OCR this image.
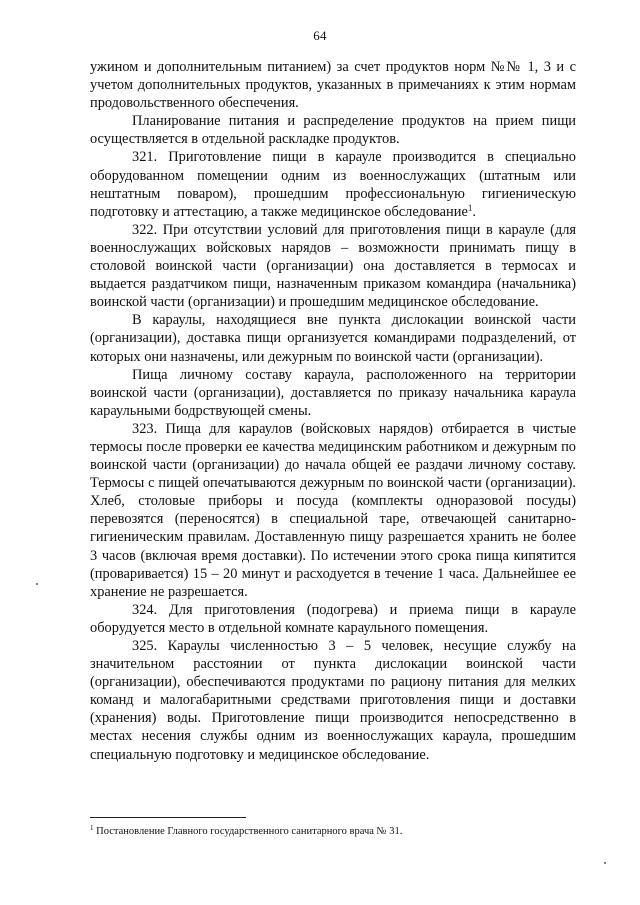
64

ужином и дополнительным питанием) за счет продуктов норм №№ 1, 3 и с учетом дополнительных продуктов, указанных в примечаниях к этим нормам продовольственного обеспечения.

Планирование питания и распределение продуктов на прием пищи осуществляется в отдельной раскладке продуктов.

321. Приготовление пищи в карауле производится в специально оборудованном помещении одним из военнослужащих (штатным или нештатным поваром), прошедшим профессиональную гигиеническую подготовку и аттестацию, а также медицинское обследование$^1$.

322. При отсутствии условий для приготовления пищи в карауле (для военнослужащих войсковых нарядов – возможности принимать пищу в столовой воинской части (организации) она доставляется в термосах и выдается раздатчиком пищи, назначенным приказом командира (начальника) воинской части (организации) и прошедшим медицинское обследование.

В караулы, находящиеся вне пункта дислокации воинской части (организации), доставка пищи организуется командирами подразделений, от которых они назначены, или дежурным по воинской части (организации).

Пища личному составу караула, расположенного на территории воинской части (организации), доставляется по приказу начальника караула караульными бодрствующей смены.

323. Пища для караулов (войсковых нарядов) отбирается в чистые термосы после проверки ее качества медицинским работником и дежурным по воинской части (организации) до начала общей ее раздачи личному составу. Термосы с пищей опечатываются дежурным по воинской части (организации). Хлеб, столовые приборы и посуда (комплекты одноразовой посуды) перевозятся (переносятся) в специальной таре, отвечающей санитарно-гигиеническим правилам. Доставленную пищу разрешается хранить не более 3 часов (включая время доставки). По истечении этого срока пища кипятится (проваривается) 15 – 20 минут и расходуется в течение 1 часа. Дальнейшее ее хранение не разрешается.

324. Для приготовления (подогрева) и приема пищи в карауле оборудуется место в отдельной комнате караульного помещения.

325. Караулы численностью 3 – 5 человек, несущие службу на значительном расстоянии от пункта дислокации воинской части (организации), обеспечиваются продуктами по рациону питания для мелких команд и малогабаритными средствами приготовления пищи и доставки (хранения) воды. Приготовление пищи производится непосредственно в местах несения службы одним из военнослужащих караула, прошедшим специальную подготовку и медицинское обследование.

$^1$ Постановление Главного государственного санитарного врача № 31.
